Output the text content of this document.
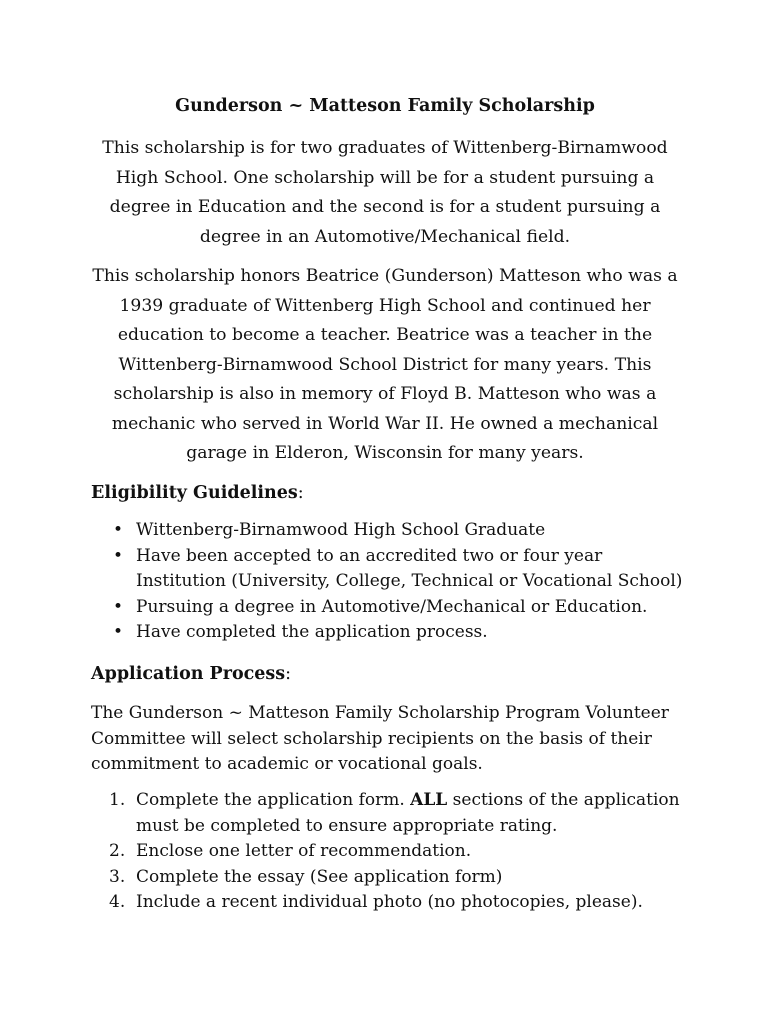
Gunderson ~ Matteson Family Scholarship
This scholarship is for two graduates of Wittenberg-Birnamwood High School. One scholarship will be for a student pursuing a degree in Education and the second is for a student pursuing a degree in an Automotive/Mechanical field.
This scholarship honors Beatrice (Gunderson) Matteson who was a 1939 graduate of Wittenberg High School and continued her education to become a teacher. Beatrice was a teacher in the Wittenberg-Birnamwood School District for many years. This scholarship is also in memory of Floyd B. Matteson who was a mechanic who served in World War II. He owned a mechanical garage in Elderon, Wisconsin for many years.
Eligibility Guidelines:
• Wittenberg-Birnamwood High School Graduate
• Have been accepted to an accredited two or four year Institution (University, College, Technical or Vocational School)
• Pursuing a degree in Automotive/Mechanical or Education.
• Have completed the application process.
Application Process:
The Gunderson ~ Matteson Family Scholarship Program Volunteer Committee will select scholarship recipients on the basis of their commitment to academic or vocational goals.
1. Complete the application form. ALL sections of the application must be completed to ensure appropriate rating.
2. Enclose one letter of recommendation.
3. Complete the essay (See application form)
4. Include a recent individual photo (no photocopies, please).
